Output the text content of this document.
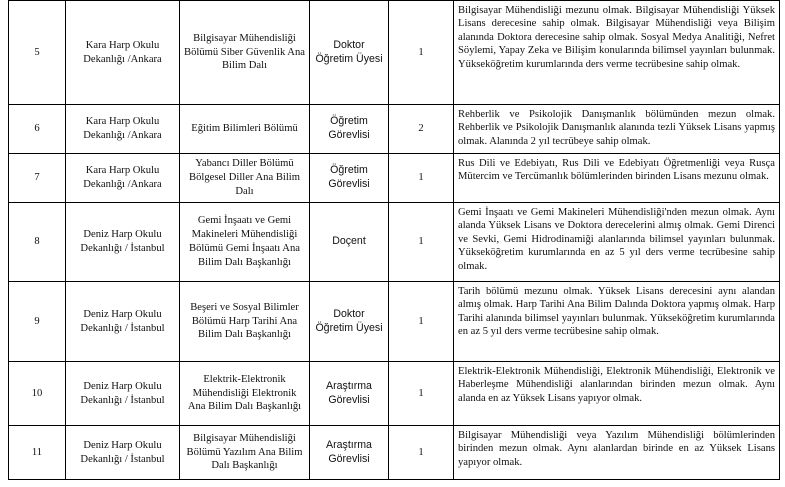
5	Kara Harp Okulu Dekanlığı /Ankara	Bilgisayar Mühendisliği Bölümü Siber Güvenlik Ana Bilim Dalı	Doktor Öğretim Üyesi	1	Bilgisayar Mühendisliği mezunu olmak. Bilgisayar Mühendisliği Yüksek Lisans derecesine sahip olmak. Bilgisayar Mühendisliği veya Bilişim alanında Doktora derecesine sahip olmak. Sosyal Medya Analitiği, Nefret Söylemi, Yapay Zeka ve Bilişim konularında bilimsel yayınları bulunmak. Yükseköğretim kurumlarında ders verme tecrübesine sahip olmak.
6	Kara Harp Okulu Dekanlığı /Ankara	Eğitim Bilimleri Bölümü	Öğretim Görevlisi	2	Rehberlik ve Psikolojik Danışmanlık bölümünden mezun olmak. Rehberlik ve Psikolojik Danışmanlık alanında tezli Yüksek Lisans yapmış olmak. Alanında 2 yıl tecrübeye sahip olmak.
7	Kara Harp Okulu Dekanlığı /Ankara	Yabancı Diller Bölümü Bölgesel Diller Ana Bilim Dalı	Öğretim Görevlisi	1	Rus Dili ve Edebiyatı, Rus Dili ve Edebiyatı Öğretmenliği veya Rusça Mütercim ve Tercümanlık bölümlerinden birinden Lisans mezunu olmak.
8	Deniz Harp Okulu Dekanlığı / İstanbul	Gemi İnşaatı ve Gemi Makineleri Mühendisliği Bölümü Gemi İnşaatı Ana Bilim Dalı Başkanlığı	Doçent	1	Gemi İnşaatı ve Gemi Makineleri Mühendisliği'nden mezun olmak. Aynı alanda Yüksek Lisans ve Doktora derecelerini almış olmak. Gemi Direnci ve Sevki, Gemi Hidrodinamiği alanlarında bilimsel yayınları bulunmak. Yükseköğretim kurumlarında en az 5 yıl ders verme tecrübesine sahip olmak.
9	Deniz Harp Okulu Dekanlığı / İstanbul	Beşeri ve Sosyal Bilimler Bölümü Harp Tarihi Ana Bilim Dalı Başkanlığı	Doktor Öğretim Üyesi	1	Tarih bölümü mezunu olmak. Yüksek Lisans derecesini aynı alandan almış olmak. Harp Tarihi Ana Bilim Dalında Doktora yapmış olmak. Harp Tarihi alanında bilimsel yayınları bulunmak. Yükseköğretim kurumlarında en az 5 yıl ders verme tecrübesine sahip olmak.
10	Deniz Harp Okulu Dekanlığı / İstanbul	Elektrik-Elektronik Mühendisliği Elektronik Ana Bilim Dalı Başkanlığı	Araştırma Görevlisi	1	Elektrik-Elektronik Mühendisliği, Elektronik Mühendisliği, Elektronik ve Haberleşme Mühendisliği alanlarından birinden mezun olmak. Aynı alanda en az Yüksek Lisans yapıyor olmak.
11	Deniz Harp Okulu Dekanlığı / İstanbul	Bilgisayar Mühendisliği Bölümü Yazılım Ana Bilim Dalı Başkanlığı	Araştırma Görevlisi	1	Bilgisayar Mühendisliği veya Yazılım Mühendisliği bölümlerinden birinden mezun olmak. Aynı alanlardan birinde en az Yüksek Lisans yapıyor olmak.
